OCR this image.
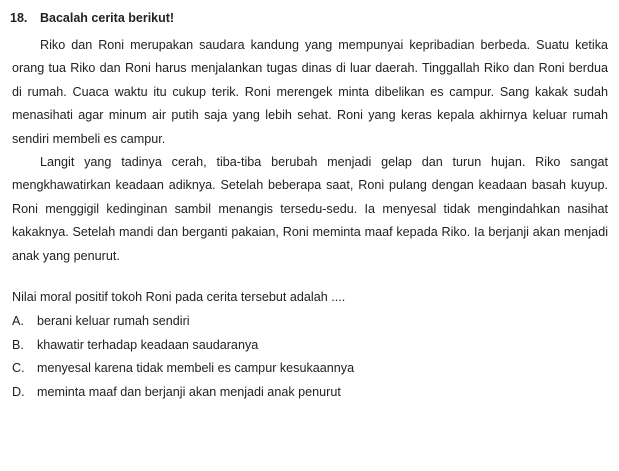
18. Bacalah cerita berikut!

Riko dan Roni merupakan saudara kandung yang mempunyai kepribadian berbeda. Suatu ketika orang tua Riko dan Roni harus menjalankan tugas dinas di luar daerah. Tinggallah Riko dan Roni berdua di rumah. Cuaca waktu itu cukup terik. Roni merengek minta dibelikan es campur. Sang kakak sudah menasihati agar minum air putih saja yang lebih sehat. Roni yang keras kepala akhirnya keluar rumah sendiri membeli es campur.

Langit yang tadinya cerah, tiba-tiba berubah menjadi gelap dan turun hujan. Riko sangat mengkhawatirkan keadaan adiknya. Setelah beberapa saat, Roni pulang dengan keadaan basah kuyup. Roni menggigil kedinginan sambil menangis tersedu-sedu. Ia menyesal tidak mengindahkan nasihat kakaknya. Setelah mandi dan berganti pakaian, Roni meminta maaf kepada Riko. Ia berjanji akan menjadi anak yang penurut.

Nilai moral positif tokoh Roni pada cerita tersebut adalah ....
A.	berani keluar rumah sendiri
B.	khawatir terhadap keadaan saudaranya
C. menyesal karena tidak membeli es campur kesukaannya
D. meminta maaf dan berjanji akan menjadi anak penurut
